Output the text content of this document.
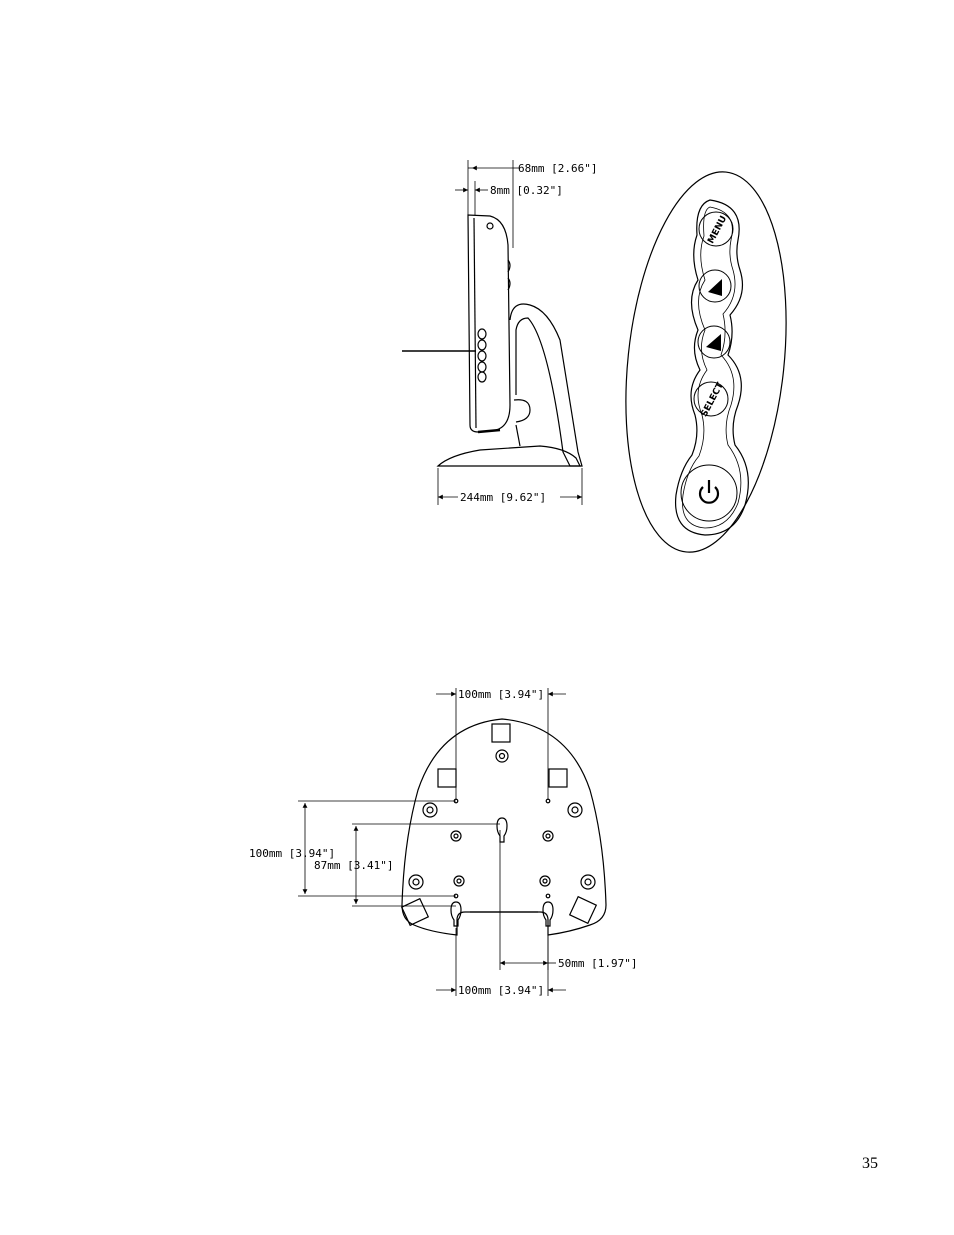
68mm [2.66"]
8mm [0.32"]
244mm [9.62"]
MENU
SELECT
100mm [3.94"]
100mm [3.94"]
87mm [3.41"]
50mm [1.97"]
100mm [3.94"]
35
